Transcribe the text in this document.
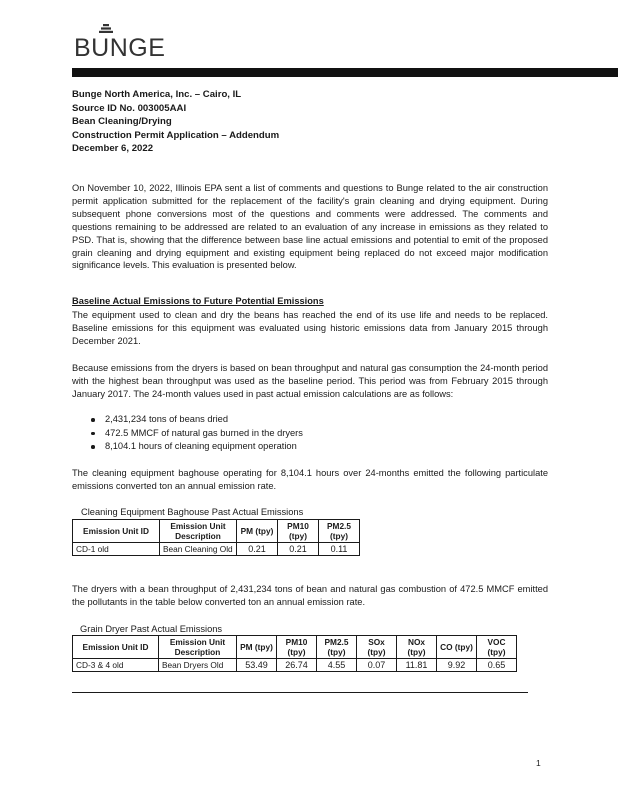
BUNGE
Bunge North America, Inc. – Cairo, IL
Source ID No. 003005AAI
Bean Cleaning/Drying
Construction Permit Application – Addendum
December 6, 2022
On November 10, 2022, Illinois EPA sent a list of comments and questions to Bunge related to the air construction permit application submitted for the replacement of the facility's grain cleaning and drying equipment. During subsequent phone conversions most of the questions and comments were addressed. The comments and questions remaining to be addressed are related to an evaluation of any increase in emissions as they related to PSD. That is, showing that the difference between base line actual emissions and potential to emit of the proposed grain cleaning and drying equipment and existing equipment being replaced do not exceed major modification significance levels. This evaluation is presented below.
Baseline Actual Emissions to Future Potential Emissions
The equipment used to clean and dry the beans has reached the end of its use life and needs to be replaced. Baseline emissions for this equipment was evaluated using historic emissions data from January 2015 through December 2021.
Because emissions from the dryers is based on bean throughput and natural gas consumption the 24-month period with the highest bean throughput was used as the baseline period. This period was from February 2015 through January 2017. The 24-month values used in past actual emission calculations are as follows:
2,431,234 tons of beans dried
472.5 MMCF of natural gas burned in the dryers
8,104.1 hours of cleaning equipment operation
The cleaning equipment baghouse operating for 8,104.1 hours over 24-months emitted the following particulate emissions converted ton an annual emission rate.
Cleaning Equipment Baghouse Past Actual Emissions
Emission Unit ID	Emission Unit Description	PM (tpy)	PM10 (tpy)	PM2.5 (tpy)
CD-1 old	Bean Cleaning Old	0.21	0.21	0.11
The dryers with a bean throughput of 2,431,234 tons of bean and natural gas combustion of 472.5 MMCF emitted the pollutants in the table below converted ton an annual emission rate.
Grain Dryer Past Actual Emissions
Emission Unit ID	Emission Unit Description	PM (tpy)	PM10 (tpy)	PM2.5 (tpy)	SOx (tpy)	NOx (tpy)	CO (tpy)	VOC (tpy)
CD-3 & 4 old	Bean Dryers Old	53.49	26.74	4.55	0.07	11.81	9.92	0.65
1
